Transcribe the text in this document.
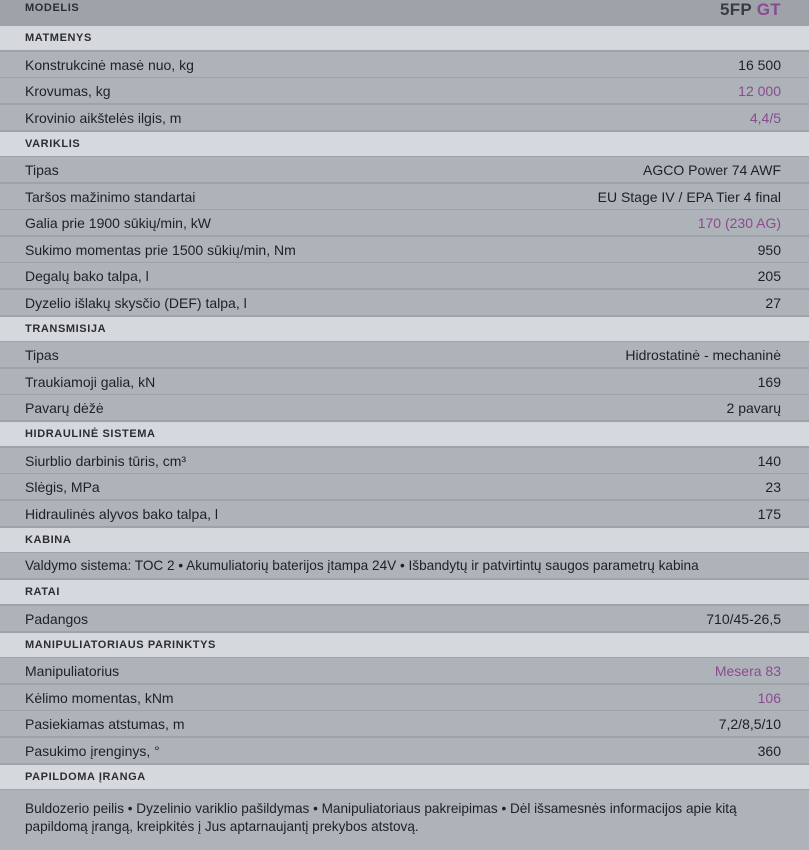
MODELIS	5FP GT
MATMENYS
Konstrukcinė masė nuo, kg	16 500
Krovumas, kg	12 000
Krovinio aikštelės ilgis, m	4,4/5
VARIKLIS
Tipas	AGCO Power 74 AWF
Taršos mažinimo standartai	EU Stage IV / EPA Tier 4 final
Galia prie 1900 sūkių/min, kW	170 (230 AG)
Sukimo momentas prie 1500 sūkių/min, Nm	950
Degalų bako talpa, l	205
Dyzelio išlakų skysčio (DEF) talpa, l	27
TRANSMISIJA
Tipas	Hidrostatinė - mechaninė
Traukiamoji galia, kN	169
Pavarų dėžė	2 pavarų
HIDRAULINĖ SISTEMA
Siurblio darbinis tūris, cm³	140
Slėgis, MPa	23
Hidraulinės alyvos bako talpa, l	175
KABINA
Valdymo sistema: TOC 2 • Akumuliatorių baterijos įtampa 24V • Išbandytų ir patvirtintų saugos parametrų kabina
RATAI
Padangos	710/45-26,5
MANIPULIATORIAUS PARINKTYS
Manipuliatorius	Mesera 83
Kėlimo momentas, kNm	106
Pasiekiamas atstumas, m	7,2/8,5/10
Pasukimo įrenginys, °	360
PAPILDOMA ĮRANGA
Buldozerio peilis • Dyzelinio variklio pašildymas • Manipuliatoriaus pakreipimas • Dėl išsamesnės informacijos apie kitą papildomą įrangą, kreipkitės į Jus aptarnaujantį prekybos atstovą.
